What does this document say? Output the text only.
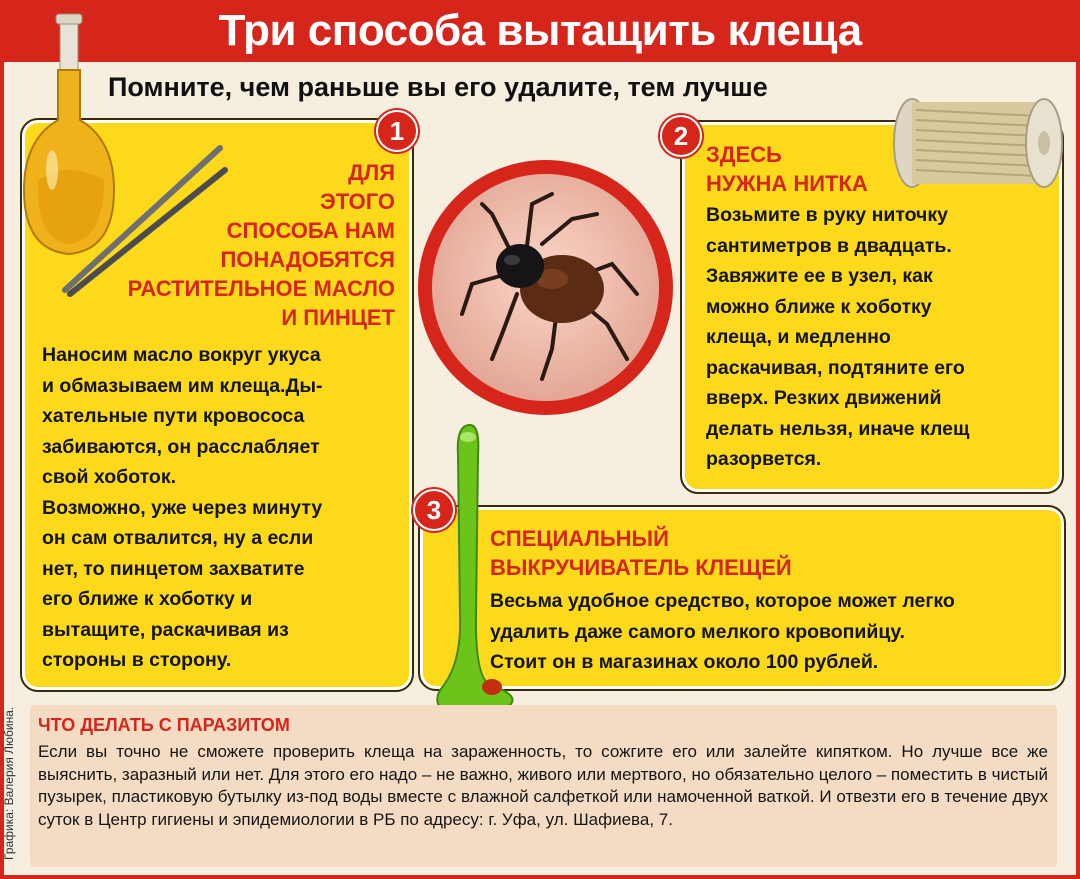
Три способа вытащить клеща
Помните, чем раньше вы его удалите, тем лучше
1
ДЛЯ
ЭТОГО
СПОСОБА НАМ
ПОНАДОБЯТСЯ
РАСТИТЕЛЬНОЕ МАСЛО
И ПИНЦЕТ
Наносим масло вокруг укуса
и обмазываем им клеща.Ды-
хательные пути кровососа
забиваются, он расслабляет
свой хоботок.
Возможно, уже через минуту
он сам отвалится, ну а если
нет, то пинцетом захватите
его ближе к хоботку и
вытащите, раскачивая из
стороны в сторону.
2
ЗДЕСЬ
НУЖНА НИТКА
Возьмите в руку ниточку
сантиметров в двадцать.
Завяжите ее в узел, как
можно ближе к хоботку
клеща, и медленно
раскачивая, подтяните его
вверх. Резких движений
делать нельзя, иначе клещ
разорвется.
3
СПЕЦИАЛЬНЫЙ
ВЫКРУЧИВАТЕЛЬ КЛЕЩЕЙ
Весьма удобное средство, которое может легко
удалить даже самого мелкого кровопийцу.
Стоит он в магазинах около 100 рублей.
ЧТО ДЕЛАТЬ С ПАРАЗИТОМ
Если вы точно не сможете проверить клеща на зараженность, то сожгите его или залейте кипятком. Но лучше все же выяснить, заразный или нет. Для этого его надо – не важно, живого или мертвого, но обязательно целого – поместить в чистый пузырек, пластиковую бутылку из-под воды вместе с влажной салфеткой или намоченной ваткой. И отвезти его в течение двух суток в Центр гигиены и эпидемиологии в РБ по адресу: г. Уфа, ул. Шафиева, 7.
Графика: Валерия Любина.
